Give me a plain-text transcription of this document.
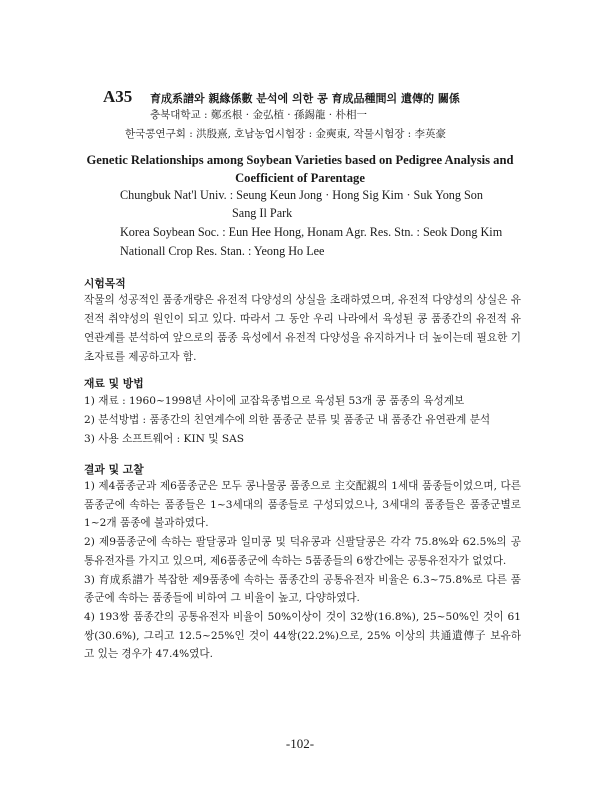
A35 育成系譜와 親緣係數 분석에 의한 콩 育成品種間의 遺傳的 關係
충북대학교 : 鄭丞根 · 金弘植 · 孫錫龍 · 朴相一
한국콩연구회 : 洪殷熹, 호남농업시험장 : 金奭東, 작물시험장 : 李英豪
Genetic Relationships among Soybean Varieties based on Pedigree Analysis and
Coefficient of Parentage
Chungbuk Nat'l Univ. : Seung Keun Jong · Hong Sig Kim · Suk Yong Son
Sang Il Park
Korea Soybean Soc. : Eun Hee Hong, Honam Agr. Res. Stn. : Seok Dong Kim
Nationall Crop Res. Stan. : Yeong Ho Lee
시험목적
작물의 성공적인 품종개량은 유전적 다양성의 상실을 초래하였으며, 유전적 다양성의 상실은 유전적 취약성의 원인이 되고 있다. 따라서 그 동안 우리 나라에서 육성된 콩 품종간의 유전적 유연관계를 분석하여 앞으로의 품종 육성에서 유전적 다양성을 유지하거나 더 높이는데 필요한 기초자료를 제공하고자 함.
재료 및 방법
1) 재료 : 1960~1998년 사이에 교잡육종법으로 육성된 53개 콩 품종의 육성계보
2) 분석방법 : 품종간의 친연계수에 의한 품종군 분류 및 품종군 내 품종간 유연관계 분석
3) 사용 소프트웨어 : KIN 및 SAS
결과 및 고찰

1) 제4품종군과 제6품종군은 모두 콩나물콩 품종으로 主交配親의 1세대 품종들이었으며, 다른 품종군에 속하는 품종들은 1~3세대의 품종들로 구성되었으나, 3세대의 품종들은 품종군별로 1~2개 품종에 불과하였다.

2) 제9품종군에 속하는 팔달콩과 일미콩 및 덕유콩과 신팔달콩은 각각 75.8%와 62.5%의 공통유전자를 가지고 있으며, 제6품종군에 속하는 5품종들의 6쌍간에는 공통유전자가 없었다.

3) 育成系譜가 복잡한 제9품종에 속하는 품종간의 공통유전자 비율은 6.3~75.8%로 다른 품종군에 속하는 품종들에 비하여 그 비율이 높고, 다양하였다.

4) 193쌍 품종간의 공통유전자 비율이 50%이상이 것이 32쌍(16.8%), 25~50%인 것이 61쌍(30.6%), 그리고 12.5~25%인 것이 44쌍(22.2%)으로, 25% 이상의 共通遺傳子 보유하고 있는 경우가 47.4%였다.

-102-
